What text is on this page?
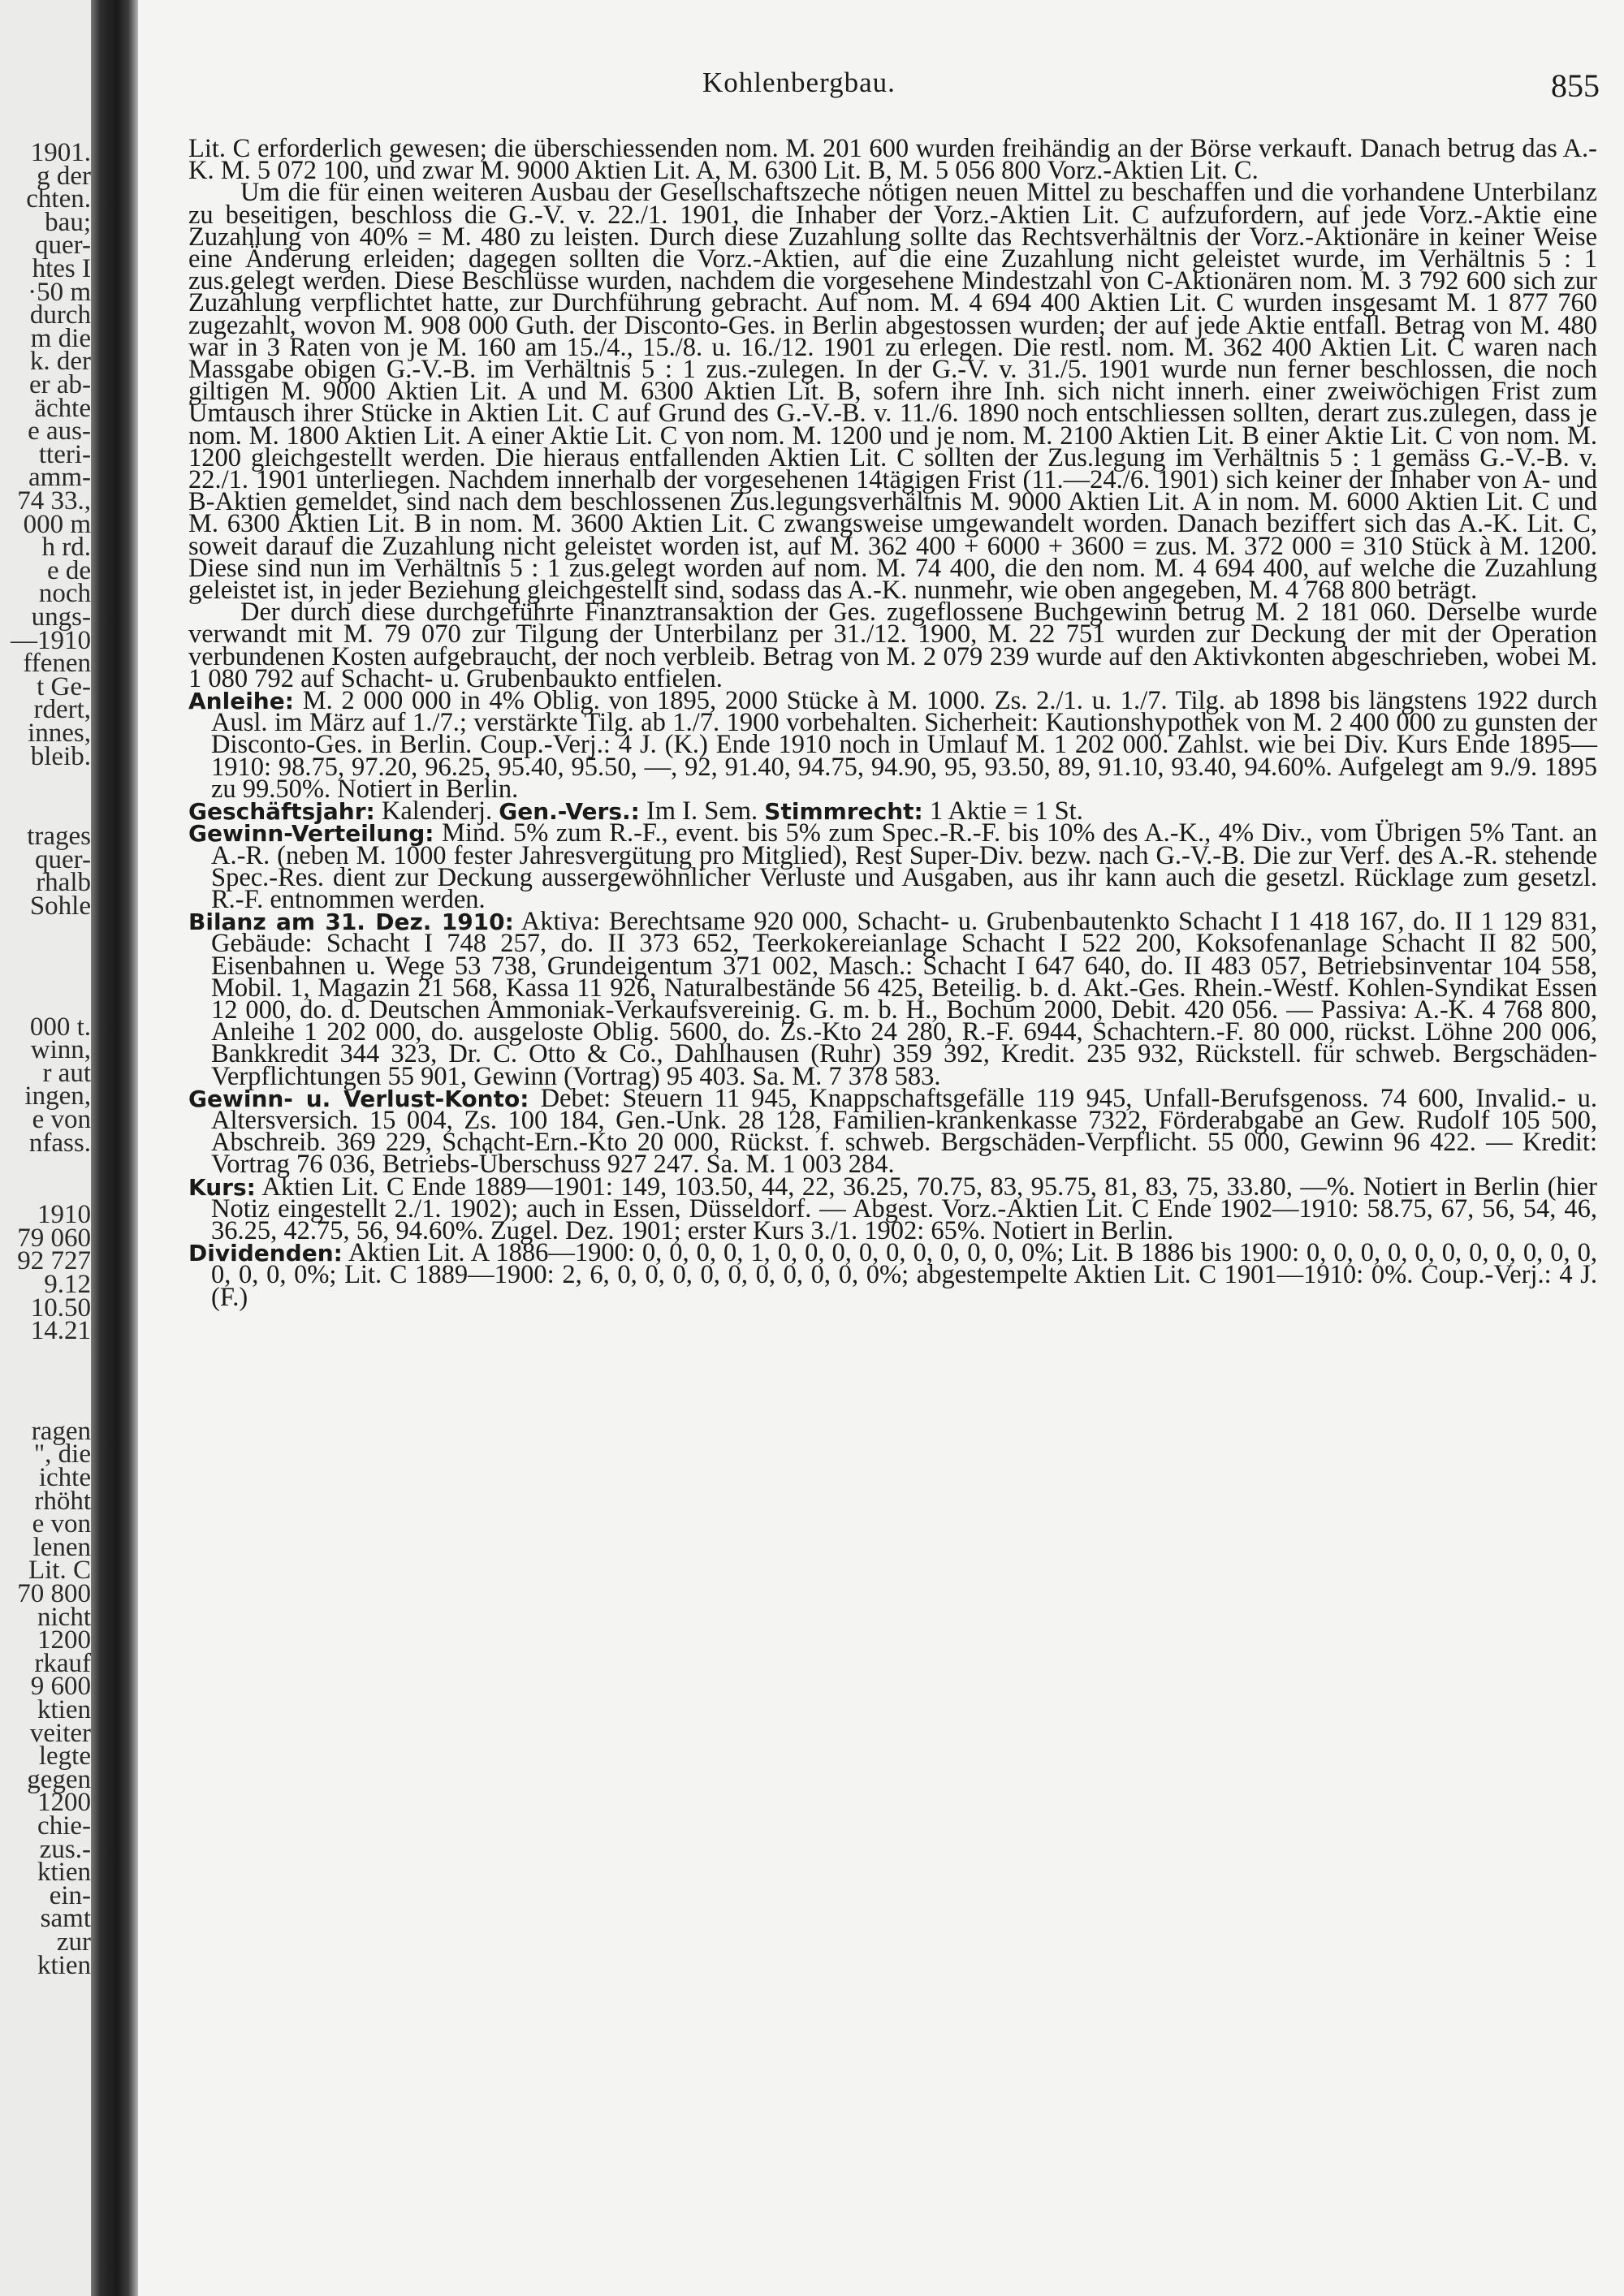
1901.
g der
chten.
bau;
quer-
htes I
·50 m
durch
m die
k. der
er ab-
ächte
e aus-
tteri-
amm-
74 33.,
000 m
h rd.
e de
noch
ungs-
—1910
ffenen
t Ge-
rdert,
innes,
bleib.
trages
quer-
rhalb
Sohle
000 t.
winn,
r aut
ingen,
e von
nfass.
1910
79 060
92 727
9.12
10.50
14.21
ragen
", die
ichte
rhöht
e von
lenen
Lit. C
70 800
nicht
1200
rkauf
9 600
ktien
veiter
legte
gegen
1200
chie-
zus.-
ktien
ein-
samt
zur
ktien
Kohlenbergbau.	855

Lit. C erforderlich gewesen; die überschiessenden nom. M. 201 600 wurden freihändig an der Börse verkauft. Danach betrug das A.-K. M. 5 072 100, und zwar M. 9000 Aktien Lit. A, M. 6300 Lit. B, M. 5 056 800 Vorz.-Aktien Lit. C.

Um die für einen weiteren Ausbau der Gesellschaftszeche nötigen neuen Mittel zu beschaffen und die vorhandene Unterbilanz zu beseitigen, beschloss die G.-V. v. 22./1. 1901, die Inhaber der Vorz.-Aktien Lit. C aufzufordern, auf jede Vorz.-Aktie eine Zuzahlung von 40% = M. 480 zu leisten. Durch diese Zuzahlung sollte das Rechtsverhältnis der Vorz.-Aktionäre in keiner Weise eine Änderung erleiden; dagegen sollten die Vorz.-Aktien, auf die eine Zuzahlung nicht geleistet wurde, im Verhältnis 5 : 1 zus.gelegt werden. Diese Beschlüsse wurden, nachdem die vorgesehene Mindestzahl von C-Aktionären nom. M. 3 792 600 sich zur Zuzahlung verpflichtet hatte, zur Durchführung gebracht. Auf nom. M. 4 694 400 Aktien Lit. C wurden insgesamt M. 1 877 760 zugezahlt, wovon M. 908 000 Guth. der Disconto-Ges. in Berlin abgestossen wurden; der auf jede Aktie entfall. Betrag von M. 480 war in 3 Raten von je M. 160 am 15./4., 15./8. u. 16./12. 1901 zu erlegen. Die restl. nom. M. 362 400 Aktien Lit. C waren nach Massgabe obigen G.-V.-B. im Verhältnis 5 : 1 zus.-zulegen. In der G.-V. v. 31./5. 1901 wurde nun ferner beschlossen, die noch giltigen M. 9000 Aktien Lit. A und M. 6300 Aktien Lit. B, sofern ihre Inh. sich nicht innerh. einer zweiwöchigen Frist zum Umtausch ihrer Stücke in Aktien Lit. C auf Grund des G.-V.-B. v. 11./6. 1890 noch entschliessen sollten, derart zus.zulegen, dass je nom. M. 1800 Aktien Lit. A einer Aktie Lit. C von nom. M. 1200 und je nom. M. 2100 Aktien Lit. B einer Aktie Lit. C von nom. M. 1200 gleichgestellt werden. Die hieraus entfallenden Aktien Lit. C sollten der Zus.legung im Verhältnis 5 : 1 gemäss G.-V.-B. v. 22./1. 1901 unterliegen. Nachdem innerhalb der vorgesehenen 14tägigen Frist (11.—24./6. 1901) sich keiner der Inhaber von A- und B-Aktien gemeldet, sind nach dem beschlossenen Zus.legungsverhältnis M. 9000 Aktien Lit. A in nom. M. 6000 Aktien Lit. C und M. 6300 Aktien Lit. B in nom. M. 3600 Aktien Lit. C zwangsweise umgewandelt worden. Danach beziffert sich das A.-K. Lit. C, soweit darauf die Zuzahlung nicht geleistet worden ist, auf M. 362 400 + 6000 + 3600 = zus. M. 372 000 = 310 Stück à M. 1200. Diese sind nun im Verhältnis 5 : 1 zus.gelegt worden auf nom. M. 74 400, die den nom. M. 4 694 400, auf welche die Zuzahlung geleistet ist, in jeder Beziehung gleichgestellt sind, sodass das A.-K. nunmehr, wie oben angegeben, M. 4 768 800 beträgt.

Der durch diese durchgeführte Finanztransaktion der Ges. zugeflossene Buchgewinn betrug M. 2 181 060. Derselbe wurde verwandt mit M. 79 070 zur Tilgung der Unterbilanz per 31./12. 1900, M. 22 751 wurden zur Deckung der mit der Operation verbundenen Kosten aufgebraucht, der noch verbleib. Betrag von M. 2 079 239 wurde auf den Aktivkonten abgeschrieben, wobei M. 1 080 792 auf Schacht- u. Grubenbaukto entfielen.

Anleihe: M. 2 000 000 in 4% Oblig. von 1895, 2000 Stücke à M. 1000. Zs. 2./1. u. 1./7. Tilg. ab 1898 bis längstens 1922 durch Ausl. im März auf 1./7.; verstärkte Tilg. ab 1./7. 1900 vorbehalten. Sicherheit: Kautionshypothek von M. 2 400 000 zu gunsten der Disconto-Ges. in Berlin. Coup.-Verj.: 4 J. (K.) Ende 1910 noch in Umlauf M. 1 202 000. Zahlst. wie bei Div. Kurs Ende 1895—1910: 98.75, 97.20, 96.25, 95.40, 95.50, —, 92, 91.40, 94.75, 94.90, 95, 93.50, 89, 91.10, 93.40, 94.60%. Aufgelegt am 9./9. 1895 zu 99.50%. Notiert in Berlin.

Geschäftsjahr: Kalenderj. Gen.-Vers.: Im I. Sem. Stimmrecht: 1 Aktie = 1 St.

Gewinn-Verteilung: Mind. 5% zum R.-F., event. bis 5% zum Spec.-R.-F. bis 10% des A.-K., 4% Div., vom Übrigen 5% Tant. an A.-R. (neben M. 1000 fester Jahresvergütung pro Mitglied), Rest Super-Div. bezw. nach G.-V.-B. Die zur Verf. des A.-R. stehende Spec.-Res. dient zur Deckung aussergewöhnlicher Verluste und Ausgaben, aus ihr kann auch die gesetzl. Rücklage zum gesetzl. R.-F. entnommen werden.

Bilanz am 31. Dez. 1910: Aktiva: Berechtsame 920 000, Schacht- u. Grubenbautenkto Schacht I 1 418 167, do. II 1 129 831, Gebäude: Schacht I 748 257, do. II 373 652, Teerkokereianlage Schacht I 522 200, Koksofenanlage Schacht II 82 500, Eisenbahnen u. Wege 53 738, Grundeigentum 371 002, Masch.: Schacht I 647 640, do. II 483 057, Betriebsinventar 104 558, Mobil. 1, Magazin 21 568, Kassa 11 926, Naturalbestände 56 425, Beteilig. b. d. Akt.-Ges. Rhein.-Westf. Kohlen-Syndikat Essen 12 000, do. d. Deutschen Ammoniak-Verkaufsvereinig. G. m. b. H., Bochum 2000, Debit. 420 056. — Passiva: A.-K. 4 768 800, Anleihe 1 202 000, do. ausgeloste Oblig. 5600, do. Zs.-Kto 24 280, R.-F. 6944, Schachtern.-F. 80 000, rückst. Löhne 200 006, Bankkredit 344 323, Dr. C. Otto & Co., Dahlhausen (Ruhr) 359 392, Kredit. 235 932, Rückstell. für schweb. Bergschäden-Verpflichtungen 55 901, Gewinn (Vortrag) 95 403. Sa. M. 7 378 583.

Gewinn- u. Verlust-Konto: Debet: Steuern 11 945, Knappschaftsgefälle 119 945, Unfall-Berufsgenoss. 74 600, Invalid.- u. Altersversich. 15 004, Zs. 100 184, Gen.-Unk. 28 128, Familien-krankenkasse 7322, Förderabgabe an Gew. Rudolf 105 500, Abschreib. 369 229, Schacht-Ern.-Kto 20 000, Rückst. f. schweb. Bergschäden-Verpflicht. 55 000, Gewinn 96 422. — Kredit: Vortrag 76 036, Betriebs-Überschuss 927 247. Sa. M. 1 003 284.

Kurs: Aktien Lit. C Ende 1889—1901: 149, 103.50, 44, 22, 36.25, 70.75, 83, 95.75, 81, 83, 75, 33.80, —%. Notiert in Berlin (hier Notiz eingestellt 2./1. 1902); auch in Essen, Düsseldorf. — Abgest. Vorz.-Aktien Lit. C Ende 1902—1910: 58.75, 67, 56, 54, 46, 36.25, 42.75, 56, 94.60%. Zugel. Dez. 1901; erster Kurs 3./1. 1902: 65%. Notiert in Berlin.

Dividenden: Aktien Lit. A 1886—1900: 0, 0, 0, 0, 1, 0, 0, 0, 0, 0, 0, 0, 0, 0, 0%; Lit. B 1886 bis 1900: 0, 0, 0, 0, 0, 0, 0, 0, 0, 0, 0, 0, 0, 0, 0%; Lit. C 1889—1900: 2, 6, 0, 0, 0, 0, 0, 0, 0, 0, 0, 0%; abgestempelte Aktien Lit. C 1901—1910: 0%. Coup.-Verj.: 4 J. (F.)
